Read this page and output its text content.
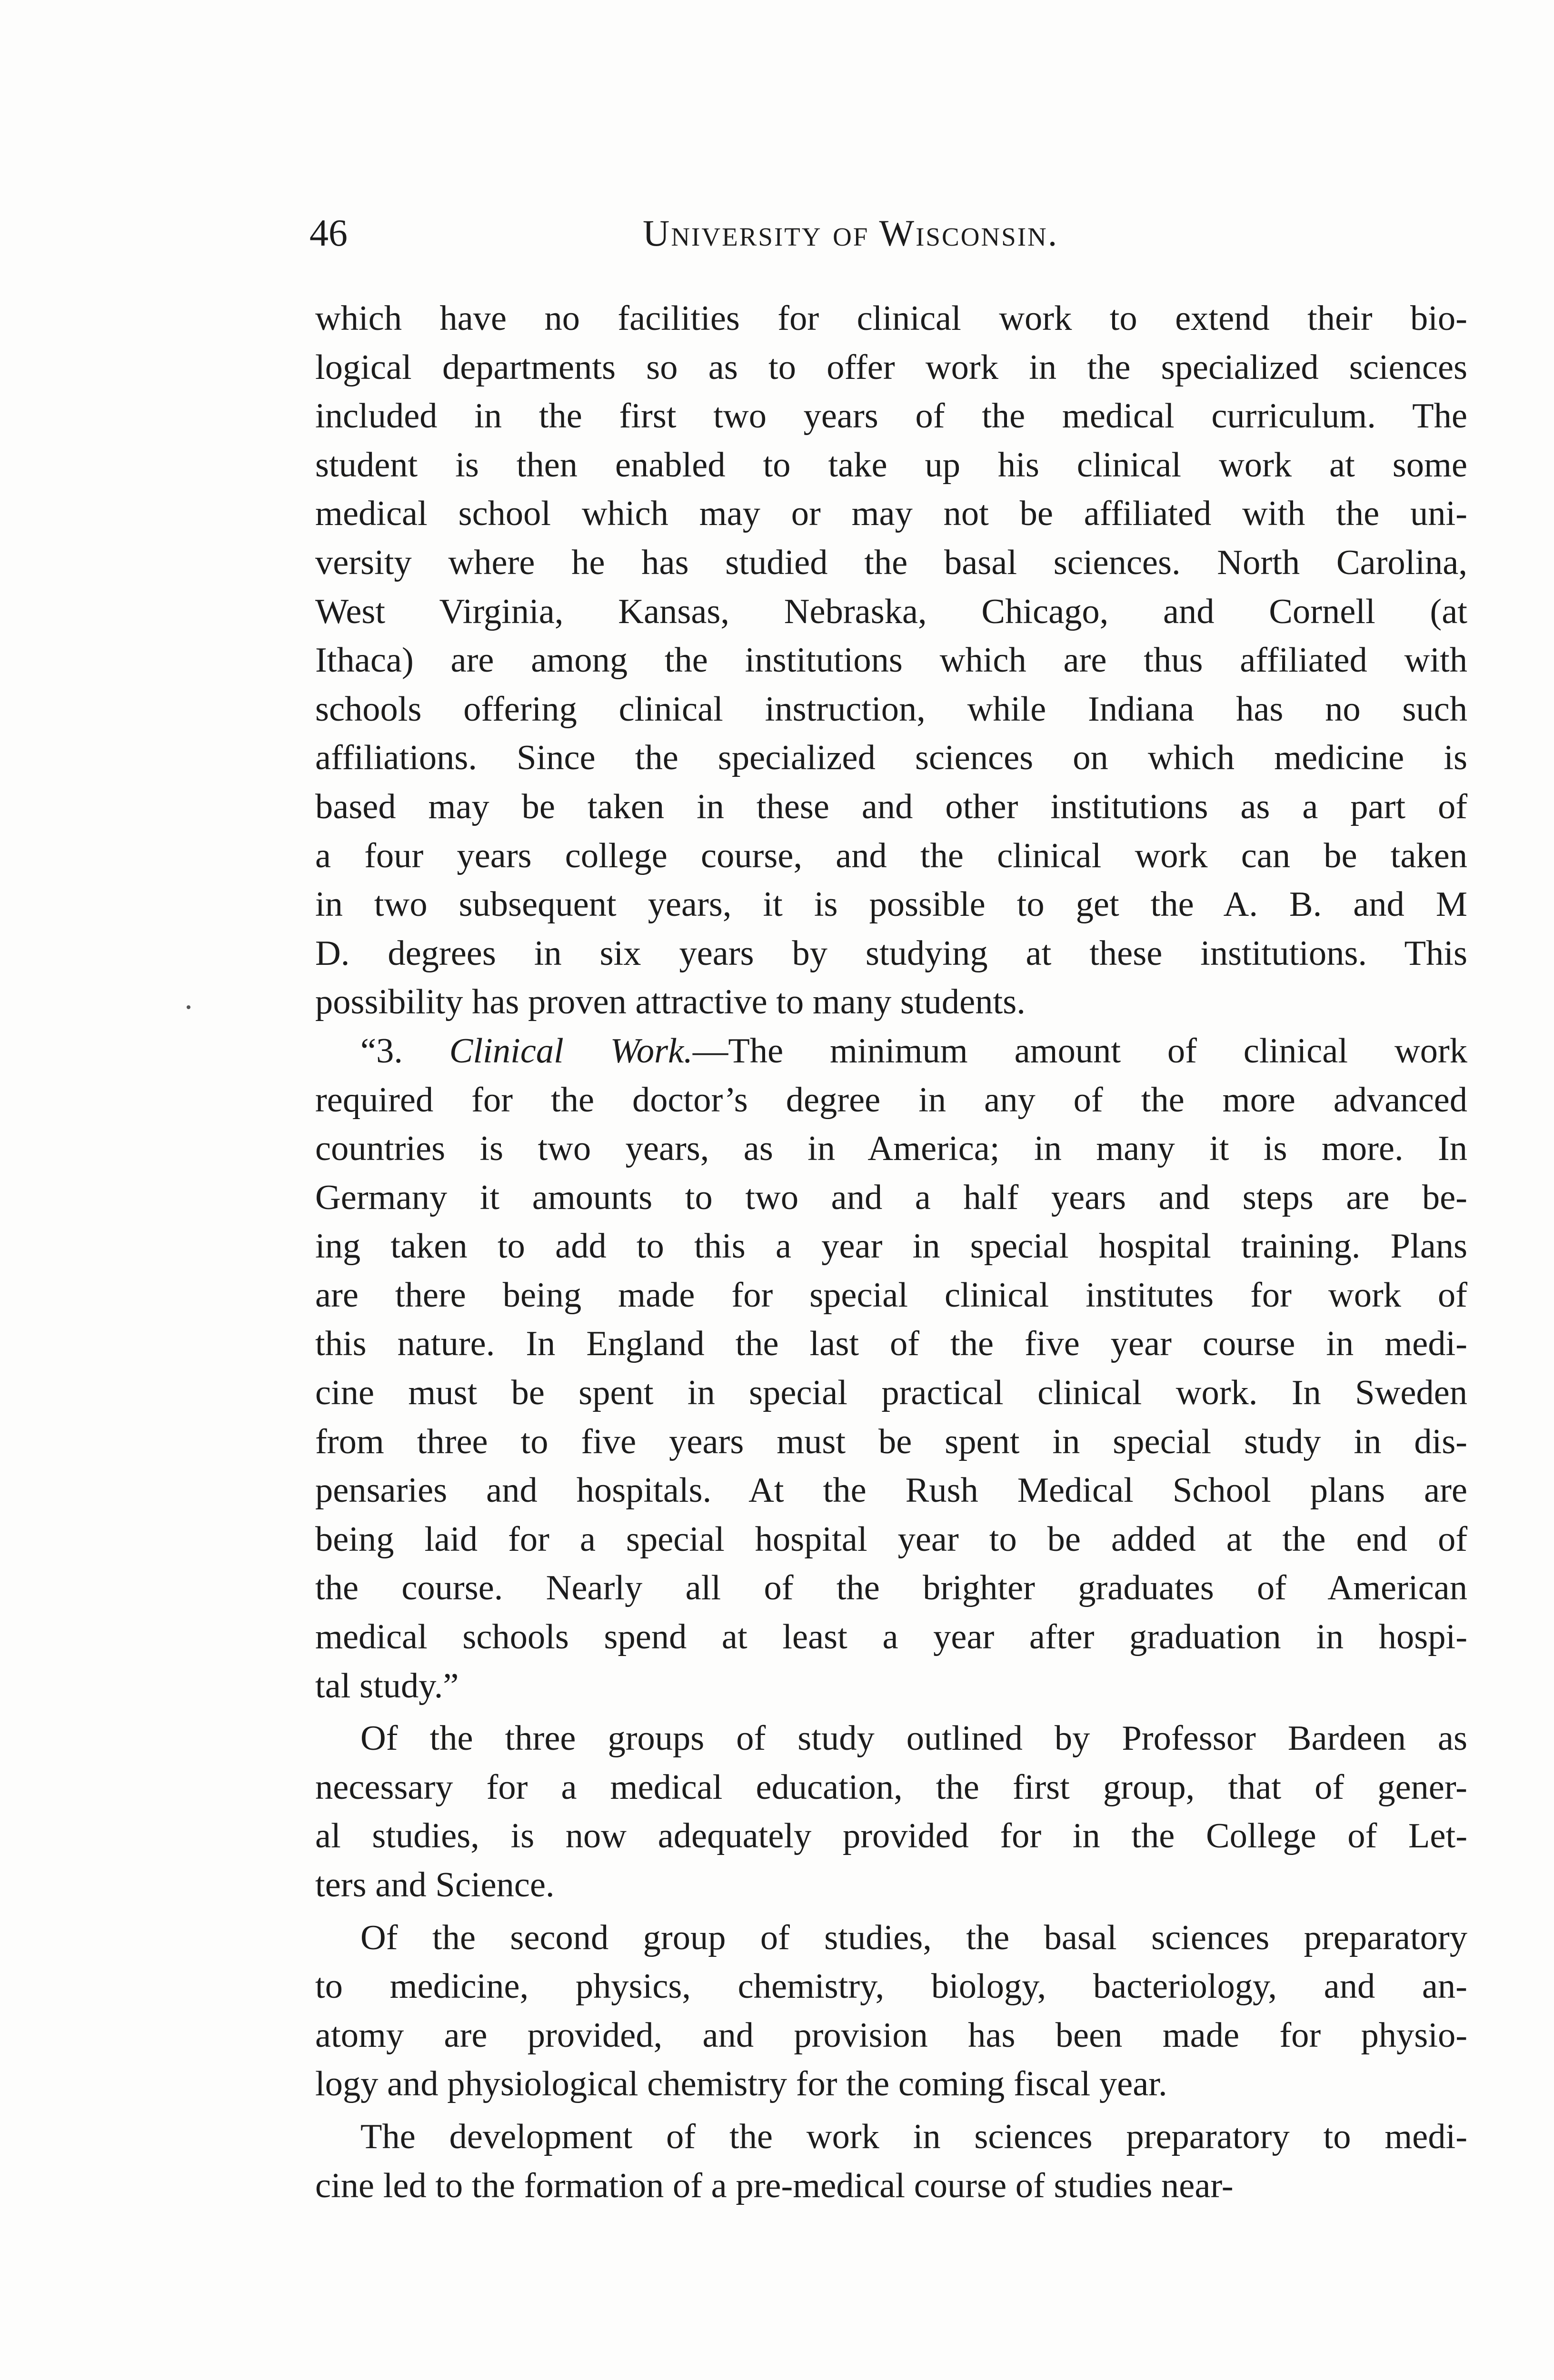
46	University of Wisconsin.
which have no facilities for clinical work to extend their bio-
logical departments so as to offer work in the specialized sciences
included in the first two years of the medical curriculum. The
student is then enabled to take up his clinical work at some
medical school which may or may not be affiliated with the uni-
versity where he has studied the basal sciences. North Carolina,
West Virginia, Kansas, Nebraska, Chicago, and Cornell (at
Ithaca) are among the institutions which are thus affiliated with
schools offering clinical instruction, while Indiana has no such
affiliations. Since the specialized sciences on which medicine is
based may be taken in these and other institutions as a part of
a four years college course, and the clinical work can be taken
in two subsequent years, it is possible to get the A. B. and M
D. degrees in six years by studying at these institutions. This
possibility has proven attractive to many students.
“3. Clinical Work.—The minimum amount of clinical work
required for the doctor’s degree in any of the more advanced
countries is two years, as in America; in many it is more. In
Germany it amounts to two and a half years and steps are be-
ing taken to add to this a year in special hospital training. Plans
are there being made for special clinical institutes for work of
this nature. In England the last of the five year course in medi-
cine must be spent in special practical clinical work. In Sweden
from three to five years must be spent in special study in dis-
pensaries and hospitals. At the Rush Medical School plans are
being laid for a special hospital year to be added at the end of
the course. Nearly all of the brighter graduates of American
medical schools spend at least a year after graduation in hospi-
tal study.”
Of the three groups of study outlined by Professor Bardeen as
necessary for a medical education, the first group, that of gener-
al studies, is now adequately provided for in the College of Let-
ters and Science.
Of the second group of studies, the basal sciences preparatory
to medicine, physics, chemistry, biology, bacteriology, and an-
atomy are provided, and provision has been made for physio-
logy and physiological chemistry for the coming fiscal year.
The development of the work in sciences preparatory to medi-
cine led to the formation of a pre-medical course of studies near-
